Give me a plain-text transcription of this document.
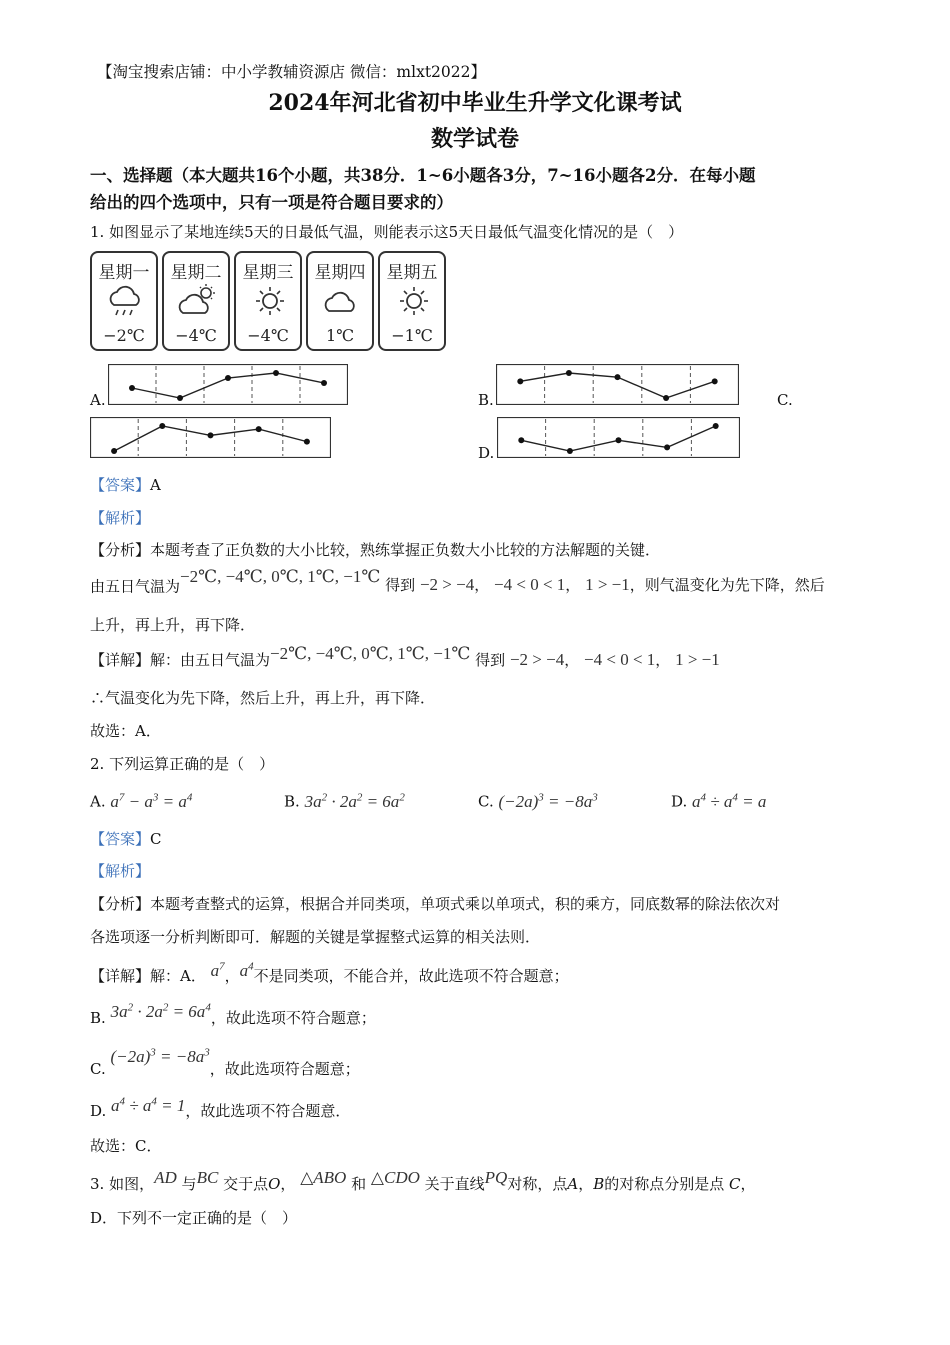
【淘宝搜索店铺：中小学教辅资源店 微信：mlxt2022】
2024年河北省初中毕业生升学文化课考试
数学试卷
一、选择题（本大题共16个小题，共38分．1~6小题各3分，7~16小题各2分．在每小题
给出的四个选项中，只有一项是符合题目要求的）
1. 如图显示了某地连续5天的日最低气温，则能表示这5天日最低气温变化情况的是（　）
星期一
−2℃
星期二
−4℃
星期三
−4℃
星期四
1℃
星期五
−1℃
A.	B.	C.
D.
【答案】A
【解析】
【分析】本题考查了正负数的大小比较，熟练掌握正负数大小比较的方法解题的关键．
由五日气温为−2℃, −4℃, 0℃, 1℃, −1℃ 得到 −2 > −4， −4 < 0 < 1， 1 > −1，则气温变化为先下降，然后
上升，再上升，再下降．
【详解】解：由五日气温为−2℃, −4℃, 0℃, 1℃, −1℃ 得到 −2 > −4， −4 < 0 < 1， 1 > −1
∴气温变化为先下降，然后上升，再上升，再下降．
故选：A．
2. 下列运算正确的是（　）
A. $a^7 - a^3 = a^4$	B. $3a^2 \cdot 2a^2 = 6a^2$	C. $(-2a)^3 = -8a^3$	D. $a^4 \div a^4 = a$
【答案】C
【解析】
【分析】本题考查整式的运算，根据合并同类项，单项式乘以单项式，积的乘方，同底数幂的除法依次对
各选项逐一分析判断即可．解题的关键是掌握整式运算的相关法则．
【详解】解：A． $a^7$，$a^4$不是同类项，不能合并，故此选项不符合题意；
B. $3a^2 \cdot 2a^2 = 6a^4$，故此选项不符合题意；
C. $(-2a)^3 = -8a^3$，故此选项符合题意；
D. $a^4 \div a^4 = 1$，故此选项不符合题意．
故选：C．
3. 如图，AD 与BC 交于点O， △ABO 和 △CDO 关于直线PQ对称，点A，B的对称点分别是点 C，
D．下列不一定正确的是（　）
